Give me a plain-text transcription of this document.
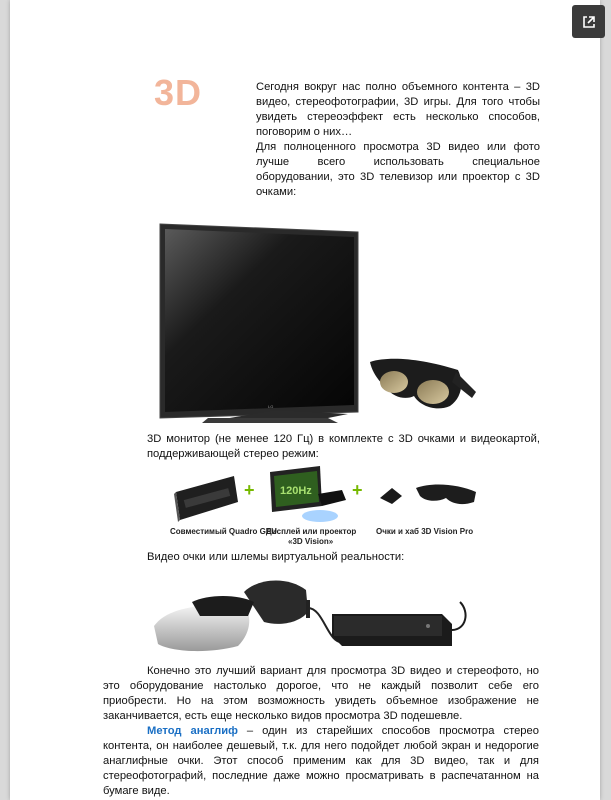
3D	Сегодня вокруг нас полно объемного контента – 3D видео, стереофотографии, 3D игры. Для того чтобы увидеть стереоэффект есть несколько способов, поговорим о них…

Для полноценного просмотра 3D видео или фото лучше всего использовать специальное оборудовании, это 3D телевизор или проектор с 3D очками:

LG
3D монитор (не менее 120 Гц) в комплекте с 3D очками и видеокартой, поддерживающей стерео режим:
+ 120Hz +
Совместимый Quadro GPU
Дисплей или проектор
«3D Vision»
Очки и хаб 3D Vision Pro
Видео очки или шлемы виртуальной реальности:

Конечно это лучший вариант для просмотра 3D видео и стереофото, но это оборудование настолько дорогое, что не каждый позволит себе его приобрести. Но на этом возможность увидеть объемное изображение не заканчивается, есть еще несколько видов просмотра 3D подешевле.

Метод анаглиф – один из старейших способов просмотра стерео контента, он наиболее дешевый, т.к. для него подойдет любой экран и недорогие анаглифные очки. Этот способ применим как для 3D видео, так и для стереофотографий, последние даже можно просматривать в распечатанном на бумаге виде.
